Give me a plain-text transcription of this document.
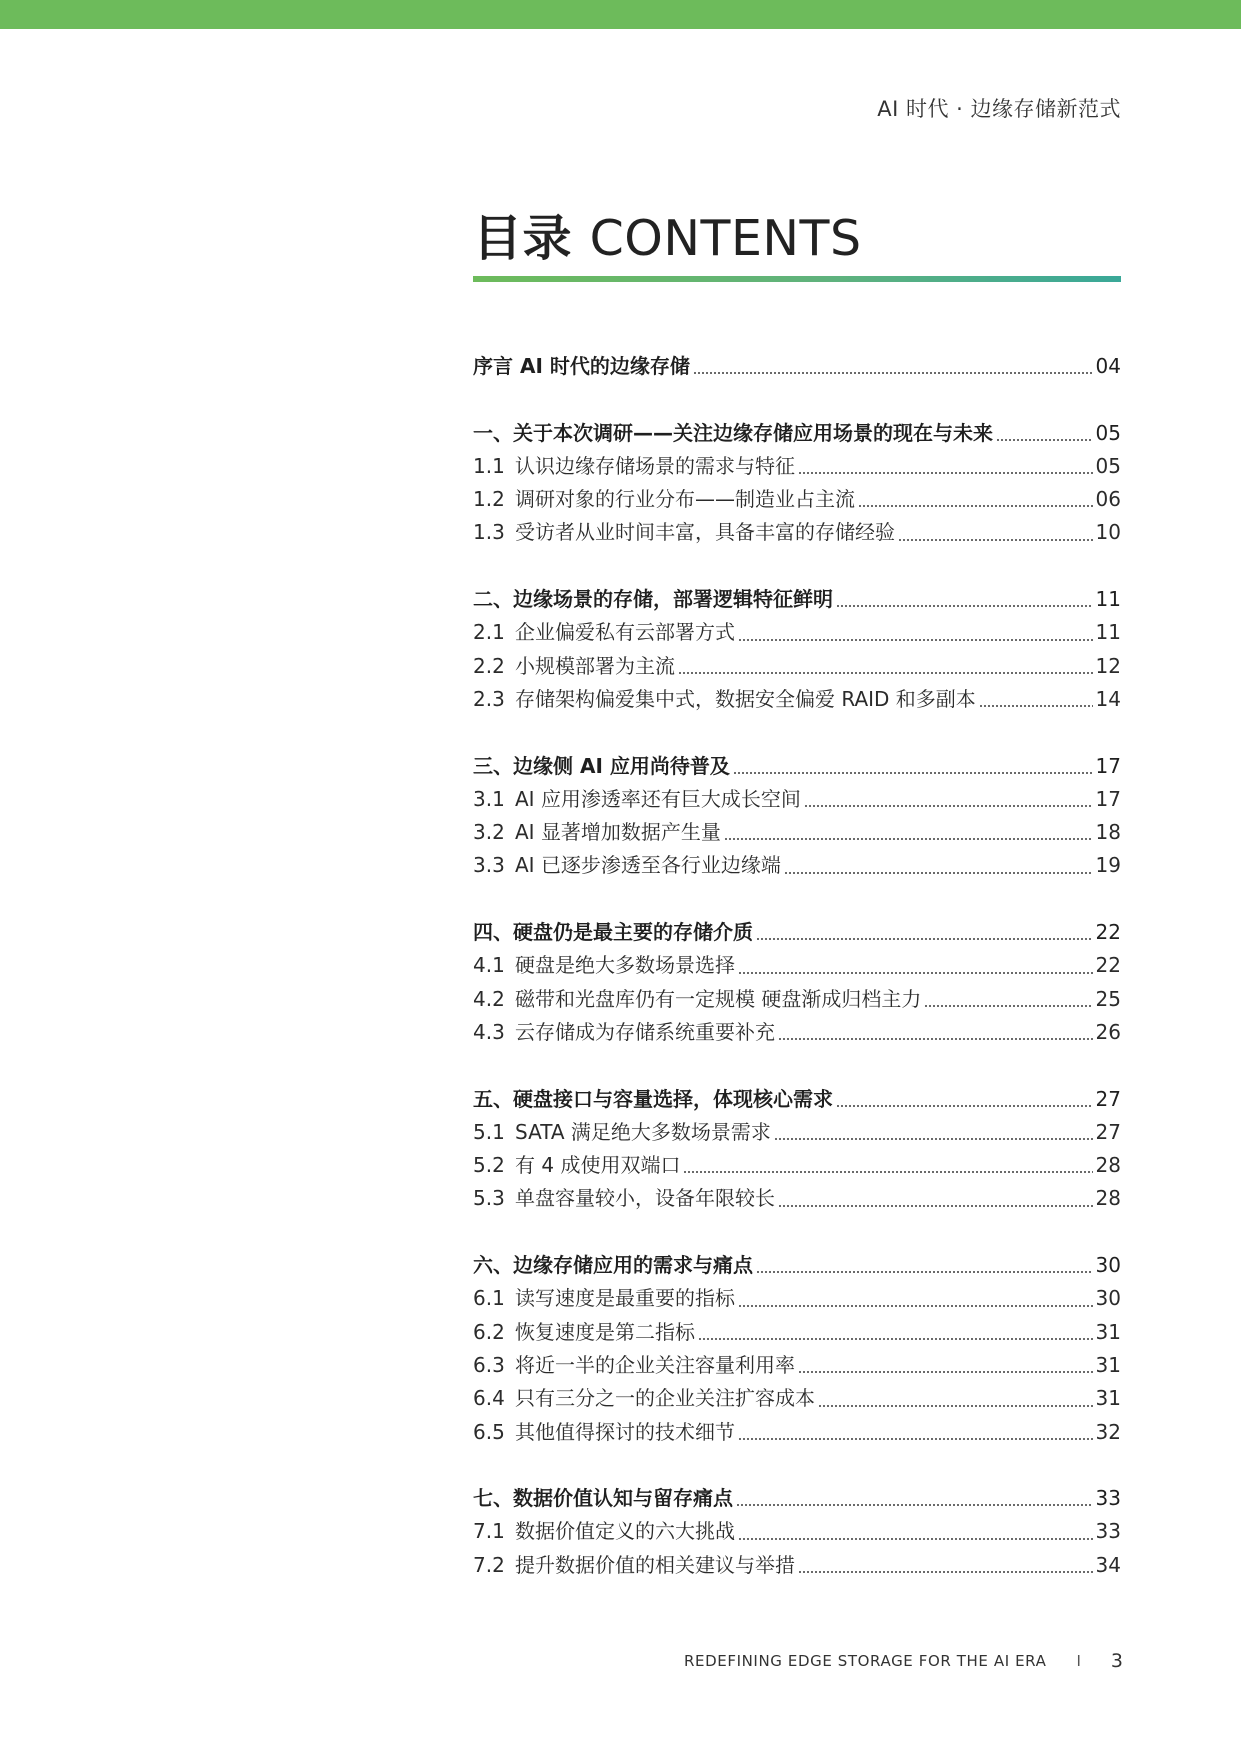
AI 时代 · 边缘存储新范式
目录 CONTENTS
序言 AI 时代的边缘存储	04
一、关于本次调研——关注边缘存储应用场景的现在与未来	05
1.1 认识边缘存储场景的需求与特征	05
1.2 调研对象的行业分布——制造业占主流	06
1.3 受访者从业时间丰富，具备丰富的存储经验	10
二、边缘场景的存储，部署逻辑特征鲜明	11
2.1 企业偏爱私有云部署方式	11
2.2 小规模部署为主流	12
2.3 存储架构偏爱集中式，数据安全偏爱 RAID 和多副本	14
三、边缘侧 AI 应用尚待普及	17
3.1 AI 应用渗透率还有巨大成长空间	17
3.2 AI 显著增加数据产生量	18
3.3 AI 已逐步渗透至各行业边缘端	19
四、硬盘仍是最主要的存储介质	22
4.1 硬盘是绝大多数场景选择	22
4.2 磁带和光盘库仍有一定规模 硬盘渐成归档主力	25
4.3 云存储成为存储系统重要补充	26
五、硬盘接口与容量选择，体现核心需求	27
5.1 SATA 满足绝大多数场景需求	27
5.2 有 4 成使用双端口	28
5.3 单盘容量较小，设备年限较长	28
六、边缘存储应用的需求与痛点	30
6.1 读写速度是最重要的指标	30
6.2 恢复速度是第二指标	31
6.3 将近一半的企业关注容量利用率	31
6.4 只有三分之一的企业关注扩容成本	31
6.5 其他值得探讨的技术细节	32
七、数据价值认知与留存痛点	33
7.1 数据价值定义的六大挑战	33
7.2 提升数据价值的相关建议与举措	34
REDEFINING EDGE STORAGE FOR THE AI ERA I 3
